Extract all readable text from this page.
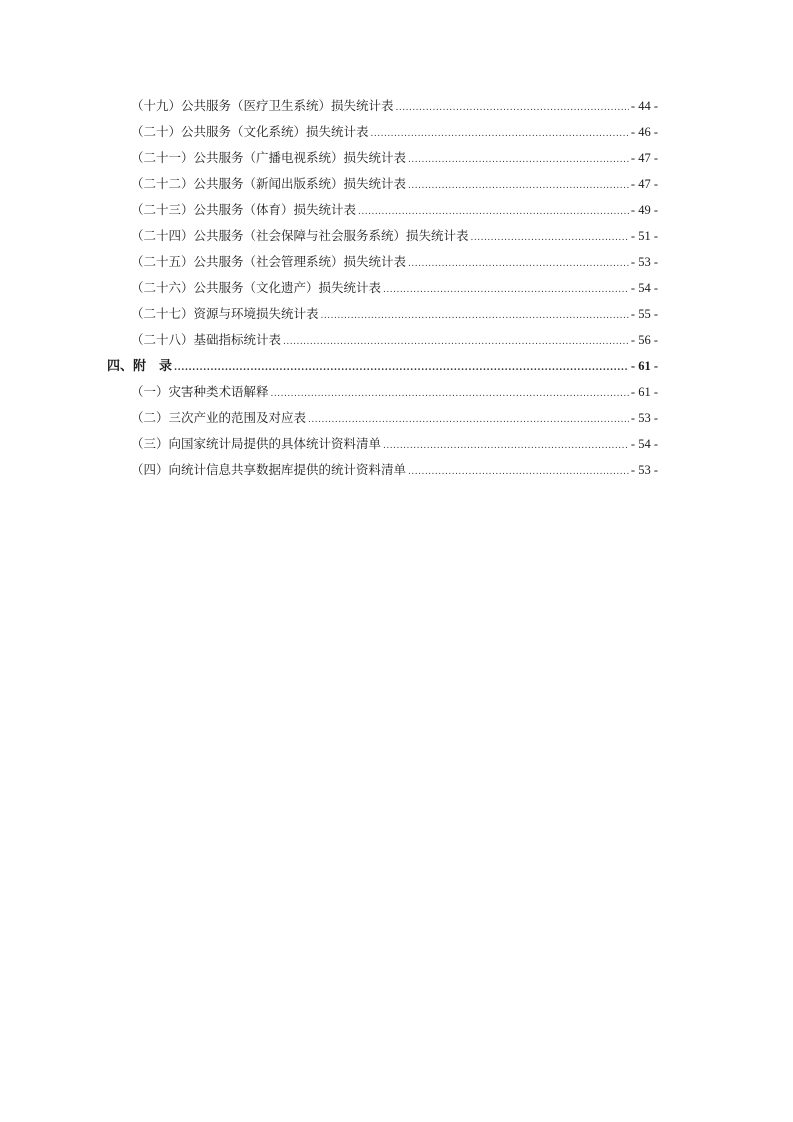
（十九）公共服务（医疗卫生系统）损失统计表 .....	- 44 -
（二十）公共服务（文化系统）损失统计表 .....	- 46 -
（二十一）公共服务（广播电视系统）损失统计表 .....	- 47 -
（二十二）公共服务（新闻出版系统）损失统计表 .....	- 47 -
（二十三）公共服务（体育）损失统计表 .....	- 49 -
（二十四）公共服务（社会保障与社会服务系统）损失统计表 .....	- 51 -
（二十五）公共服务（社会管理系统）损失统计表 .....	- 53 -
（二十六）公共服务（文化遗产）损失统计表 .....	- 54 -
（二十七）资源与环境损失统计表 .....	- 55 -
（二十八）基础指标统计表 .....	- 56 -
四、附　录 .....	- 61 -
（一）灾害种类术语解释 .....	- 61 -
（二）三次产业的范围及对应表 .....	- 53 -
（三）向国家统计局提供的具体统计资料清单 .....	- 54 -
（四）向统计信息共享数据库提供的统计资料清单 .....	- 53 -
